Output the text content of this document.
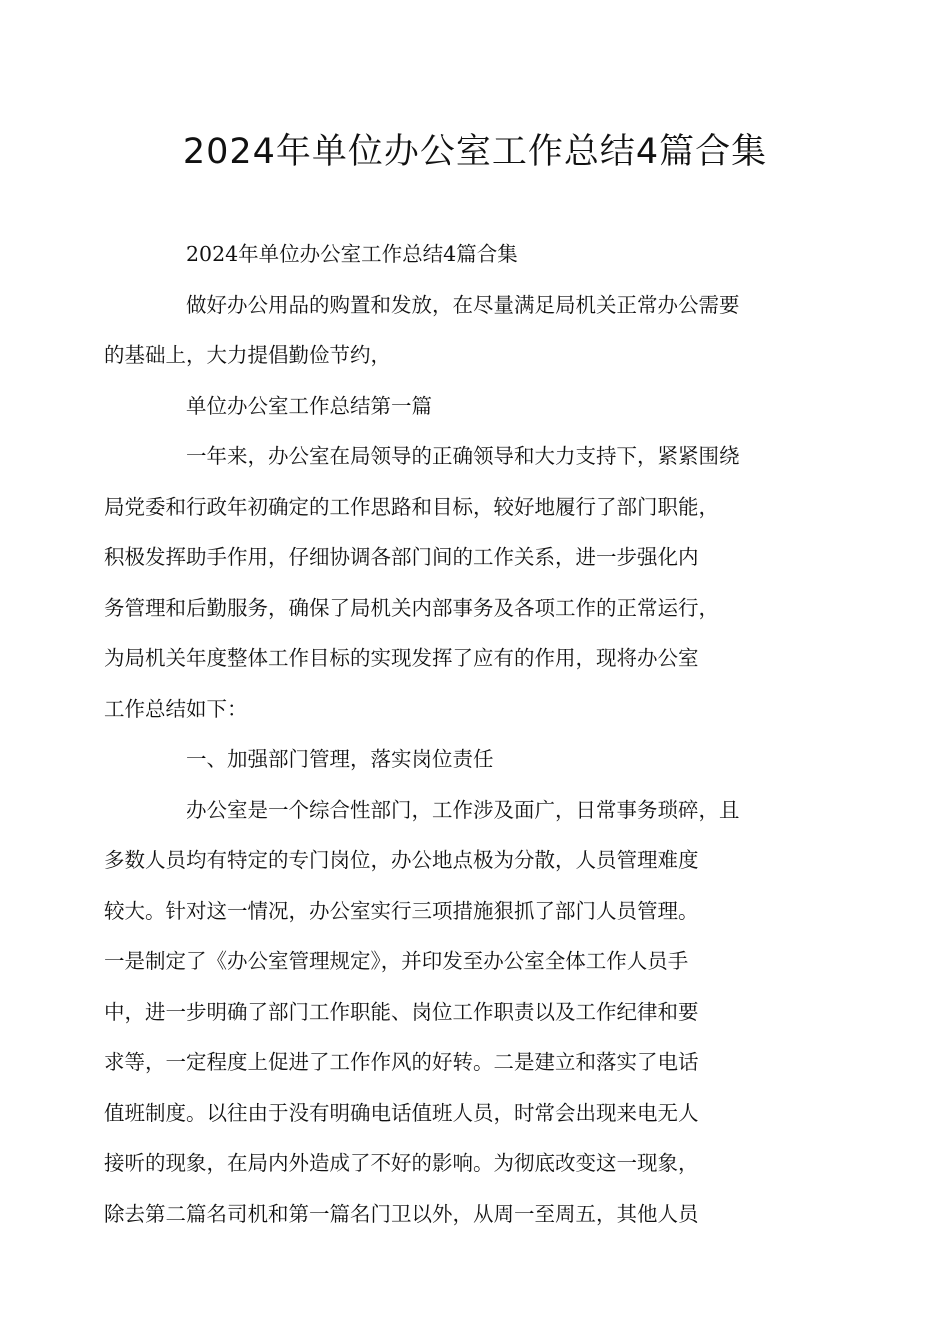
2024年单位办公室工作总结4篇合集

2024年单位办公室工作总结4篇合集

做好办公用品的购置和发放，在尽量满足局机关正常办公需要
的基础上，大力提倡勤俭节约，

单位办公室工作总结第一篇

一年来，办公室在局领导的正确领导和大力支持下，紧紧围绕
局党委和行政年初确定的工作思路和目标，较好地履行了部门职能，
积极发挥助手作用，仔细协调各部门间的工作关系，进一步强化内
务管理和后勤服务，确保了局机关内部事务及各项工作的正常运行，
为局机关年度整体工作目标的实现发挥了应有的作用，现将办公室
工作总结如下：

一、加强部门管理，落实岗位责任

办公室是一个综合性部门，工作涉及面广，日常事务琐碎，且
多数人员均有特定的专门岗位，办公地点极为分散，人员管理难度
较大。针对这一情况，办公室实行三项措施狠抓了部门人员管理。
一是制定了《办公室管理规定》，并印发至办公室全体工作人员手
中，进一步明确了部门工作职能、岗位工作职责以及工作纪律和要
求等，一定程度上促进了工作作风的好转。二是建立和落实了电话
值班制度。以往由于没有明确电话值班人员，时常会出现来电无人
接听的现象，在局内外造成了不好的影响。为彻底改变这一现象，
除去第二篇名司机和第一篇名门卫以外，从周一至周五，其他人员
